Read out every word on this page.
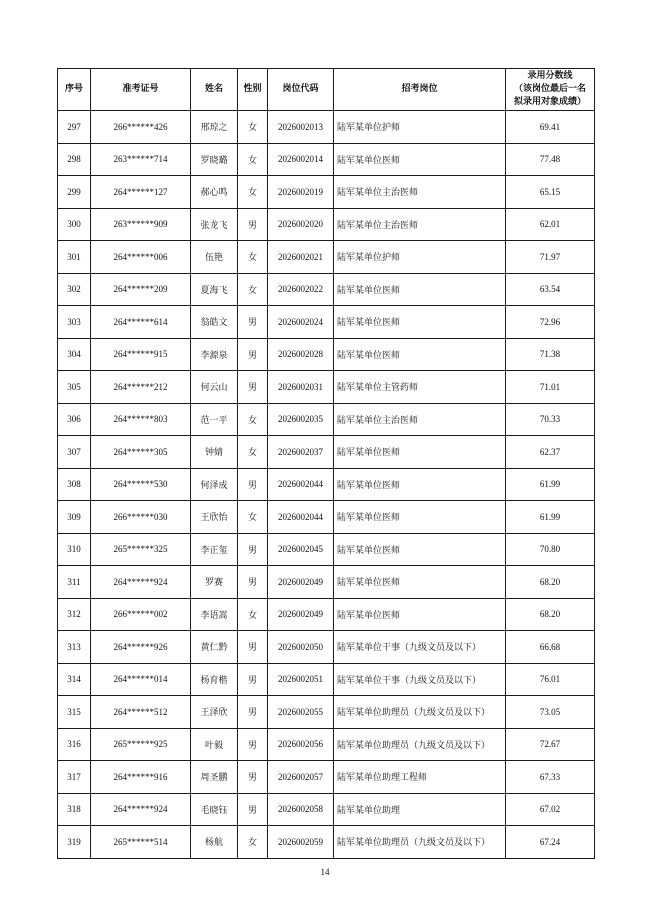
序号	准考证号	姓名	性别	岗位代码	招考岗位	录用分数线
（该岗位最后一名
拟录用对象成绩）

297	266******426	邢琼之	女	2026002013	陆军某单位护师	69.41
298	263******714	罗晓璐	女	2026002014	陆军某单位医师	77.48
299	264******127	郝心鸣	女	2026002019	陆军某单位主治医师	65.15
300	263******909	张龙飞	男	2026002020	陆军某单位主治医师	62.01
301	264******006	伍艳	女	2026002021	陆军某单位护师	71.97
302	264******209	夏海飞	女	2026002022	陆军某单位医师	63.54
303	264******614	翁皓文	男	2026002024	陆军某单位医师	72.96
304	264******915	李源泉	男	2026002028	陆军某单位医师	71.38
305	264******212	何云山	男	2026002031	陆军某单位主管药师	71.01
306	264******803	范一平	女	2026002035	陆军某单位主治医师	70.33
307	264******305	钟婧	女	2026002037	陆军某单位医师	62.37
308	264******530	何泽成	男	2026002044	陆军某单位医师	61.99
309	266******030	王欣怡	女	2026002044	陆军某单位医师	61.99
310	265******325	李正玺	男	2026002045	陆军某单位医师	70.80
311	264******924	罗赛	男	2026002049	陆军某单位医师	68.20
312	266******002	李语嵩	女	2026002049	陆军某单位医师	68.20
313	264******926	黄仁黔	男	2026002050	陆军某单位干事（九级文员及以下）	66.68
314	264******014	杨育楷	男	2026002051	陆军某单位干事（九级文员及以下）	76.01
315	264******512	王泽欣	男	2026002055	陆军某单位助理员（九级文员及以下）	73.05
316	265******925	叶毅	男	2026002056	陆军某单位助理员（九级文员及以下）	72.67
317	264******916	周圣鹏	男	2026002057	陆军某单位助理工程师	67.33
318	264******924	毛晓钰	男	2026002058	陆军某单位助理	67.02
319	265******514	杨航	女	2026002059	陆军某单位助理员（九级文员及以下）	67.24
14
